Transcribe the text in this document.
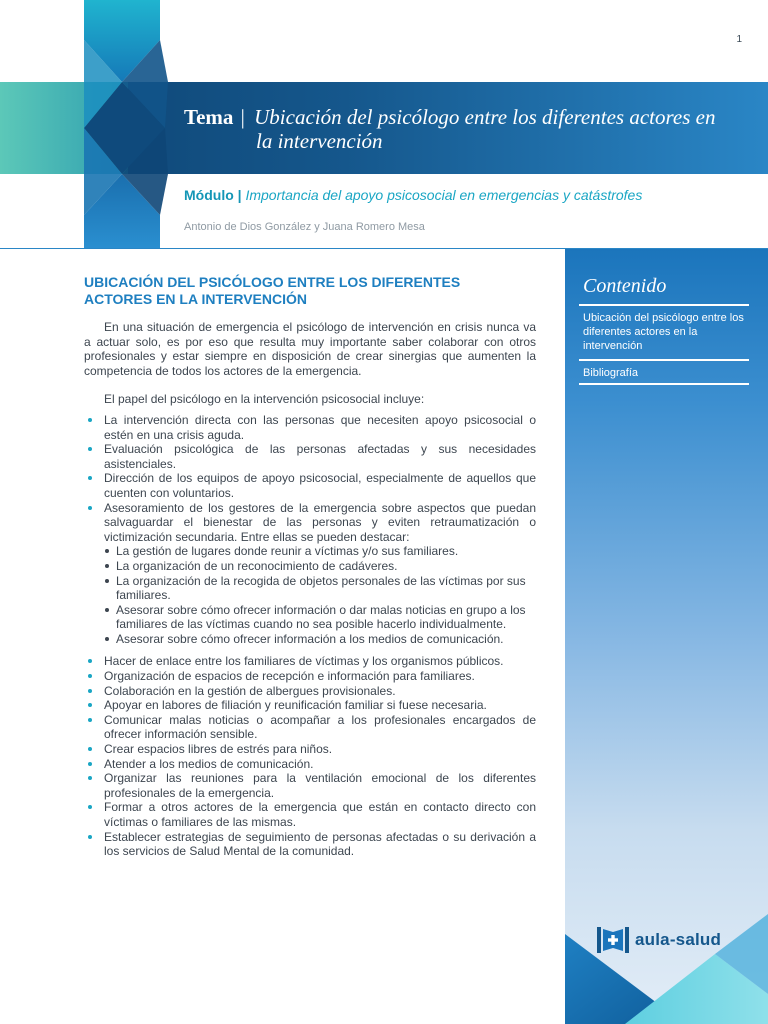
1
Tema | Ubicación del psicólogo entre los diferentes actores en
la intervención
Módulo | Importancia del apoyo psicosocial en emergencias y catástrofes
Antonio de Dios González y Juana Romero Mesa
Contenido
Ubicación del psicólogo entre los diferentes actores en la intervención
Bibliografía
aula-salud
UBICACIÓN DEL PSICÓLOGO ENTRE LOS DIFERENTES
ACTORES EN LA INTERVENCIÓN

En una situación de emergencia el psicólogo de intervención en crisis nunca va a actuar solo, es por eso que resulta muy importante saber colaborar con otros profesionales y estar siempre en disposición de crear sinergias que aumenten la competencia de todos los actores de la emergencia.

El papel del psicólogo en la intervención psicosocial incluye:

La intervención directa con las personas que necesiten apoyo psicosocial o estén en una crisis aguda.
Evaluación psicológica de las personas afectadas y sus necesidades asistenciales.
Dirección de los equipos de apoyo psicosocial, especialmente de aquellos que cuenten con voluntarios.
Asesoramiento de los gestores de la emergencia sobre aspectos que puedan salvaguardar el bienestar de las personas y eviten retraumatización o victimización secundaria. Entre ellas se pueden destacar:
La gestión de lugares donde reunir a víctimas y/o sus familiares.
La organización de un reconocimiento de cadáveres.
La organización de la recogida de objetos personales de las víctimas por sus familiares.
Asesorar sobre cómo ofrecer información o dar malas noticias en grupo a los familiares de las víctimas cuando no sea posible hacerlo individualmente.
Asesorar sobre cómo ofrecer información a los medios de comunicación.
Hacer de enlace entre los familiares de víctimas y los organismos públicos.
Organización de espacios de recepción e información para familiares.
Colaboración en la gestión de albergues provisionales.
Apoyar en labores de filiación y reunificación familiar si fuese necesaria.
Comunicar malas noticias o acompañar a los profesionales encargados de ofrecer información sensible.
Crear espacios libres de estrés para niños.
Atender a los medios de comunicación.
Organizar las reuniones para la ventilación emocional de los diferentes profesionales de la emergencia.
Formar a otros actores de la emergencia que están en contacto directo con víctimas o familiares de las mismas.
Establecer estrategias de seguimiento de personas afectadas o su derivación a los servicios de Salud Mental de la comunidad.
